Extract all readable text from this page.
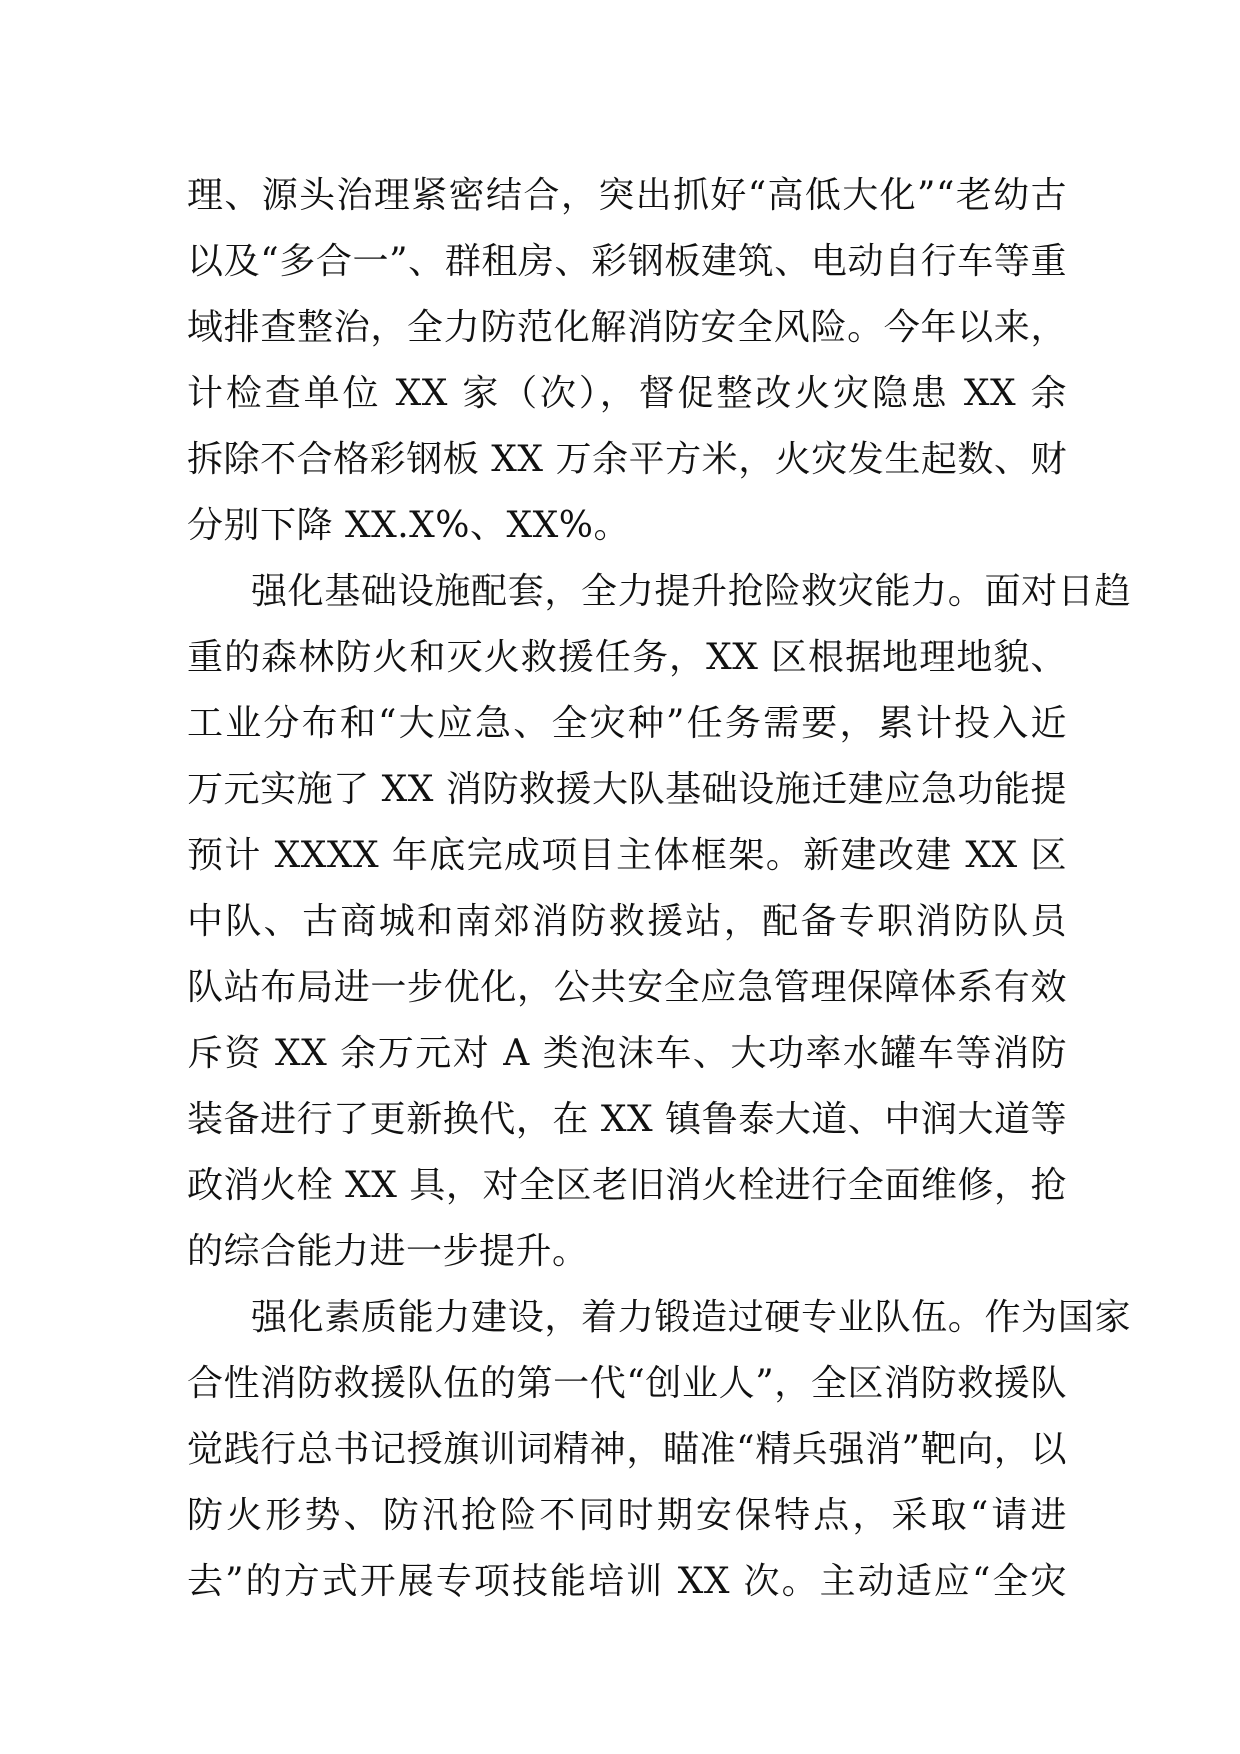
理、源头治理紧密结合，突出抓好“高低大化”“老幼古
以及“多合一”、群租房、彩钢板建筑、电动自行车等重
域排查整治，全力防范化解消防安全风险。今年以来，
计检查单位 XX 家（次），督促整改火灾隐患 XX 余
拆除不合格彩钢板 XX 万余平方米，火灾发生起数、财
分别下降 XX.X%、XX%。
强化基础设施配套，全力提升抢险救灾能力。面对日趋
重的森林防火和灭火救援任务，XX 区根据地理地貌、
工业分布和“大应急、全灾种”任务需要，累计投入近
万元实施了 XX 消防救援大队基础设施迁建应急功能提
预计 XXXX 年底完成项目主体框架。新建改建 XX 区
中队、古商城和南郊消防救援站，配备专职消防队员
队站布局进一步优化，公共安全应急管理保障体系有效
斥资 XX 余万元对 A 类泡沫车、大功率水罐车等消防
装备进行了更新换代，在 XX 镇鲁泰大道、中润大道等
政消火栓 XX 具，对全区老旧消火栓进行全面维修，抢
的综合能力进一步提升。
强化素质能力建设，着力锻造过硬专业队伍。作为国家
合性消防救援队伍的第一代“创业人”，全区消防救援队
觉践行总书记授旗训词精神，瞄准“精兵强消”靶向，以
防火形势、防汛抢险不同时期安保特点，采取“请进
去”的方式开展专项技能培训 XX 次。主动适应“全灾
